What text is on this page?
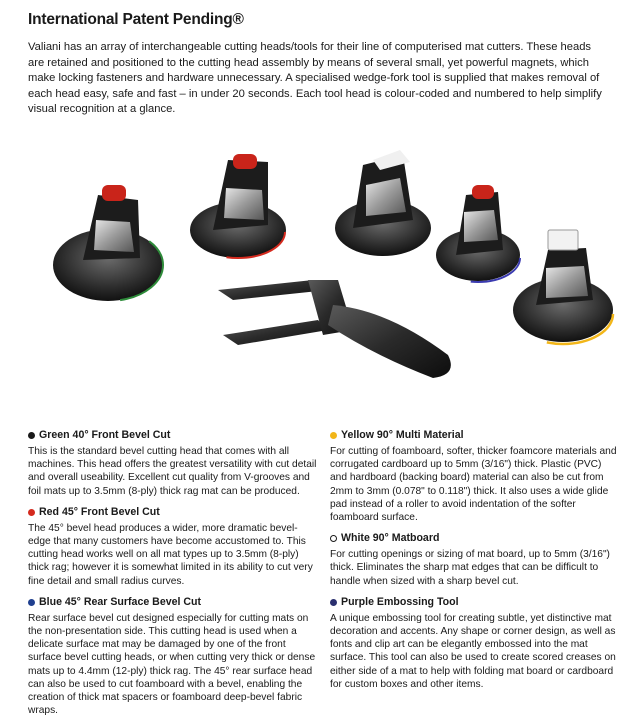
International Patent Pending®

Valiani has an array of interchangeable cutting heads/tools for their line of computerised mat cutters. These heads are retained and positioned to the cutting head assembly by means of several small, yet powerful magnets, which make locking fasteners and hardware unnecessary. A specialised wedge-fork tool is supplied that makes removal of each head easy, safe and fast – in under 20 seconds. Each tool head is colour-coded and numbered to help simplify visual recognition at a glance.

Green 40° Front Bevel Cut

This is the standard bevel cutting head that comes with all machines. This head offers the greatest versatility with cut detail and overall useability. Excellent cut quality from V-grooves and foil mats up to 3.5mm (8-ply) thick rag mat can be produced.

Red 45° Front Bevel Cut

The 45° bevel head produces a wider, more dramatic bevel-edge that many customers have become accustomed to. This cutting head works well on all mat types up to 3.5mm (8-ply) thick rag; however it is somewhat limited in its ability to cut very fine detail and small radius curves.

Blue 45° Rear Surface Bevel Cut

Rear surface bevel cut designed especially for cutting mats on the non-presentation side. This cutting head is used when a delicate surface mat may be damaged by one of the front surface bevel cutting heads, or when cutting very thick or dense mats up to 4.4mm (12-ply) thick rag. The 45° rear surface head can also be used to cut foamboard with a bevel, enabling the creation of thick mat spacers or foamboard deep-bevel fabric wraps.

Yellow 90° Multi Material

For cutting of foamboard, softer, thicker foamcore materials and corrugated cardboard up to 5mm (3/16") thick. Plastic (PVC) and hardboard (backing board) material can also be cut from 2mm to 3mm (0.078" to 0.118") thick. It also uses a wide glide pad instead of a roller to avoid indentation of the softer foamboard surface.

White 90° Matboard

For cutting openings or sizing of mat board, up to 5mm (3/16") thick. Eliminates the sharp mat edges that can be difficult to handle when sized with a sharp bevel cut.

Purple Embossing Tool

A unique embossing tool for creating subtle, yet distinctive mat decoration and accents. Any shape or corner design, as well as fonts and clip art can be elegantly embossed into the mat surface. This tool can also be used to create scored creases on either side of a mat to help with folding mat board or cardboard for custom boxes and other items.
